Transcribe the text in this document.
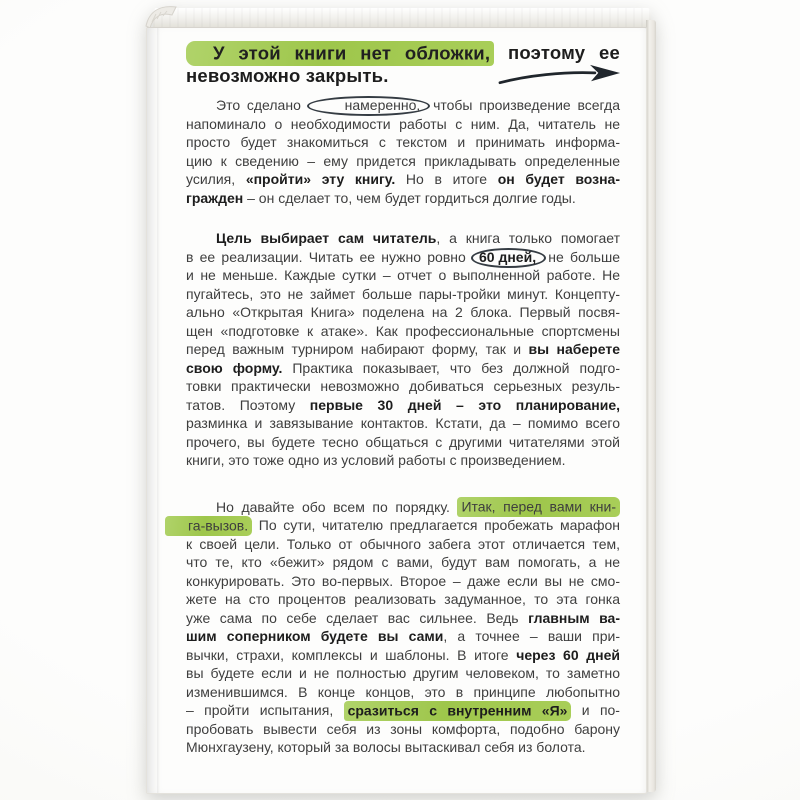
У этой книги нет обложки, поэтому ее
невозможно закрыть.
Это сделано	намеренно, чтобы произведение всегда
напоминало о необходимости работы с ним. Да, читатель не
просто будет знакомиться с текстом и принимать информа-
цию к сведению – ему придется прикладывать определенные
усилия, «пройти» эту книгу. Но в итоге он будет возна-
гражден – он сделает то, чем будет гордиться долгие годы.
Цель выбирает сам читатель, а книга только помогает
в ее реализации. Читать ее нужно ровно 60 дней, не больше
и не меньше. Каждые сутки – отчет о выполненной работе. Не
пугайтесь, это не займет больше пары-тройки минут. Концепту-
ально «Открытая Книга» поделена на 2 блока. Первый посвя-
щен «подготовке к атаке». Как профессиональные спортсмены
перед важным турниром набирают форму, так и вы наберете
свою форму. Практика показывает, что без должной подго-
товки практически невозможно добиваться серьезных резуль-
татов. Поэтому первые 30 дней – это планирование,
разминка и завязывание контактов. Кстати, да – помимо всего
прочего, вы будете тесно общаться с другими читателями этой
книги, это тоже одно из условий работы с произведением.
Но давайте обо всем по порядку. Итак, перед вами кни-
га-вызов. По сути, читателю предлагается пробежать марафон
к своей цели. Только от обычного забега этот отличается тем,
что те, кто «бежит» рядом с вами, будут вам помогать, а не
конкурировать. Это во-первых. Второе – даже если вы не смо-
жете на сто процентов реализовать задуманное, то эта гонка
уже сама по себе сделает вас сильнее. Ведь главным ва-
шим соперником будете вы сами, а точнее – ваши при-
вычки, страхи, комплексы и шаблоны. В итоге через 60 дней
вы будете если и не полностью другим человеком, то заметно
изменившимся. В конце концов, это в принципе любопытно
– пройти испытания, сразиться с внутренним «Я» и по-
пробовать вывести себя из зоны комфорта, подобно барону
Мюнхгаузену, который за волосы вытаскивал себя из болота.
